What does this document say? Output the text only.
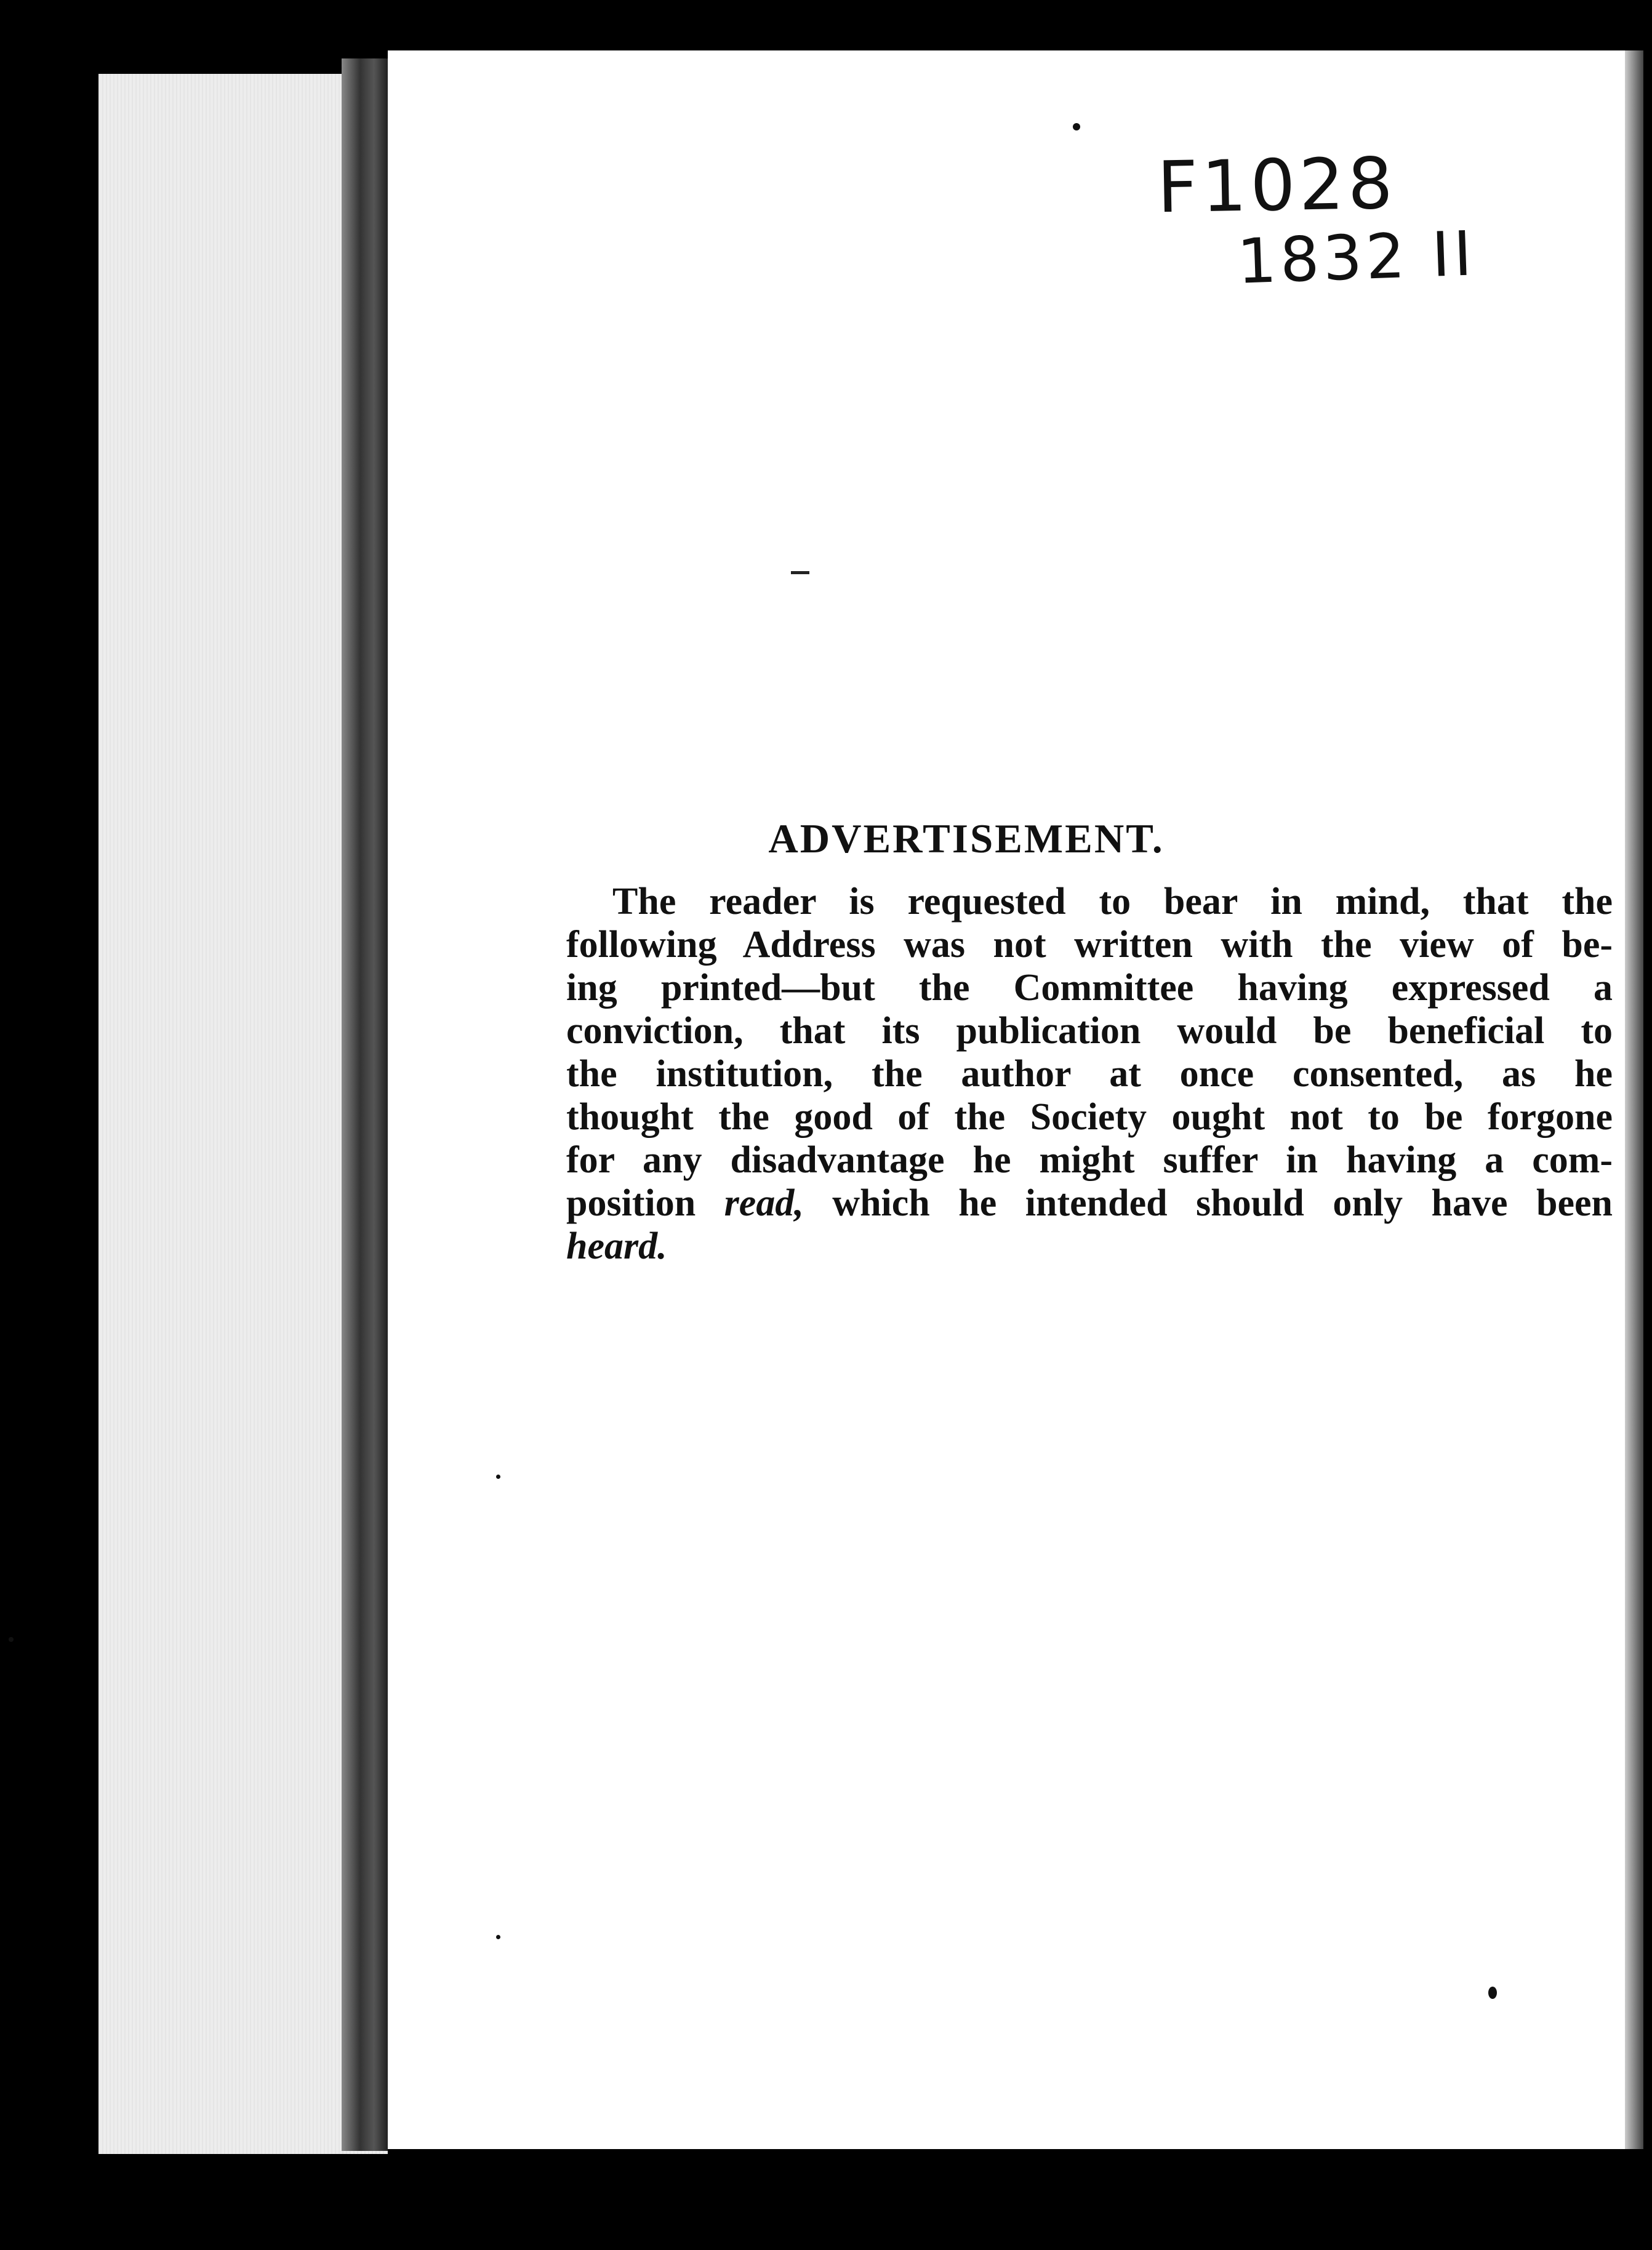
F1028
1832 II
ADVERTISEMENT.
The reader is requested to bear in mind, that the
following Address was not written with the view of be-
ing printed—but the Committee having expressed a
conviction, that its publication would be beneficial to
the institution, the author at once consented, as he
thought the good of the Society ought not to be forgone
for any disadvantage he might suffer in having a com-
position read, which he intended should only have been
heard.
